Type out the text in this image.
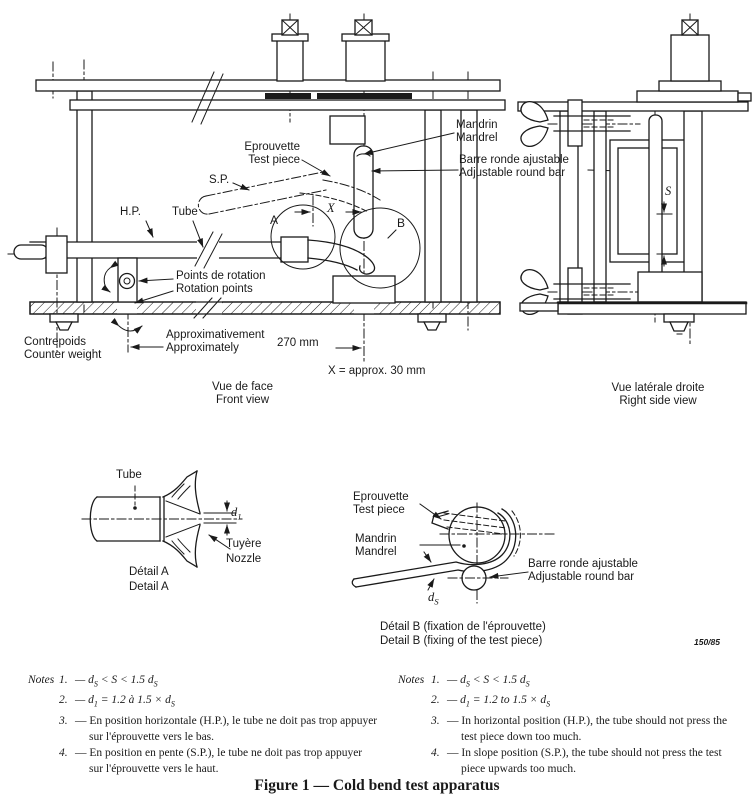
Eprouvette
Test piece
S.P.
H.P.	Tube
A
X
B
Mandrin
Mandrel
Barre ronde ajustable
Adjustable round bar
Points de rotation
Rotation points
Contrepoids
Counter weight
Approximativement
Approximately	270 mm
X = approx. 30 mm
Vue de face
Front view
S
Vue latérale droite
Right side view
Tube
$d_1$
Tuyère
Nozzle
Détail A
Detail A
Eprouvette
Test piece
Mandrin
Mandrel
Barre ronde ajustable
Adjustable round bar
$d_S$
Détail B (fixation de l'éprouvette)
Detail B (fixing of the test piece)	150/85
Notes 1. — $d_S < S < 1.5$ $d_S$
2. — $d_1 = 1.2$ à $1.5 \times d_S$
3. — En position horizontale (H.P.), le tube ne doit pas trop appuyer sur l'éprouvette vers le bas.
4. — En position en pente (S.P.), le tube ne doit pas trop appuyer sur l'éprouvette vers le haut.
Notes 1. — $d_S < S < 1.5$ $d_S$
2. — $d_1 = 1.2$ to $1.5 \times d_S$
3. — In horizontal position (H.P.), the tube should not press the test piece down too much.
4. — In slope position (S.P.), the tube should not press the test piece upwards too much.
Figure 1 — Cold bend test apparatus
